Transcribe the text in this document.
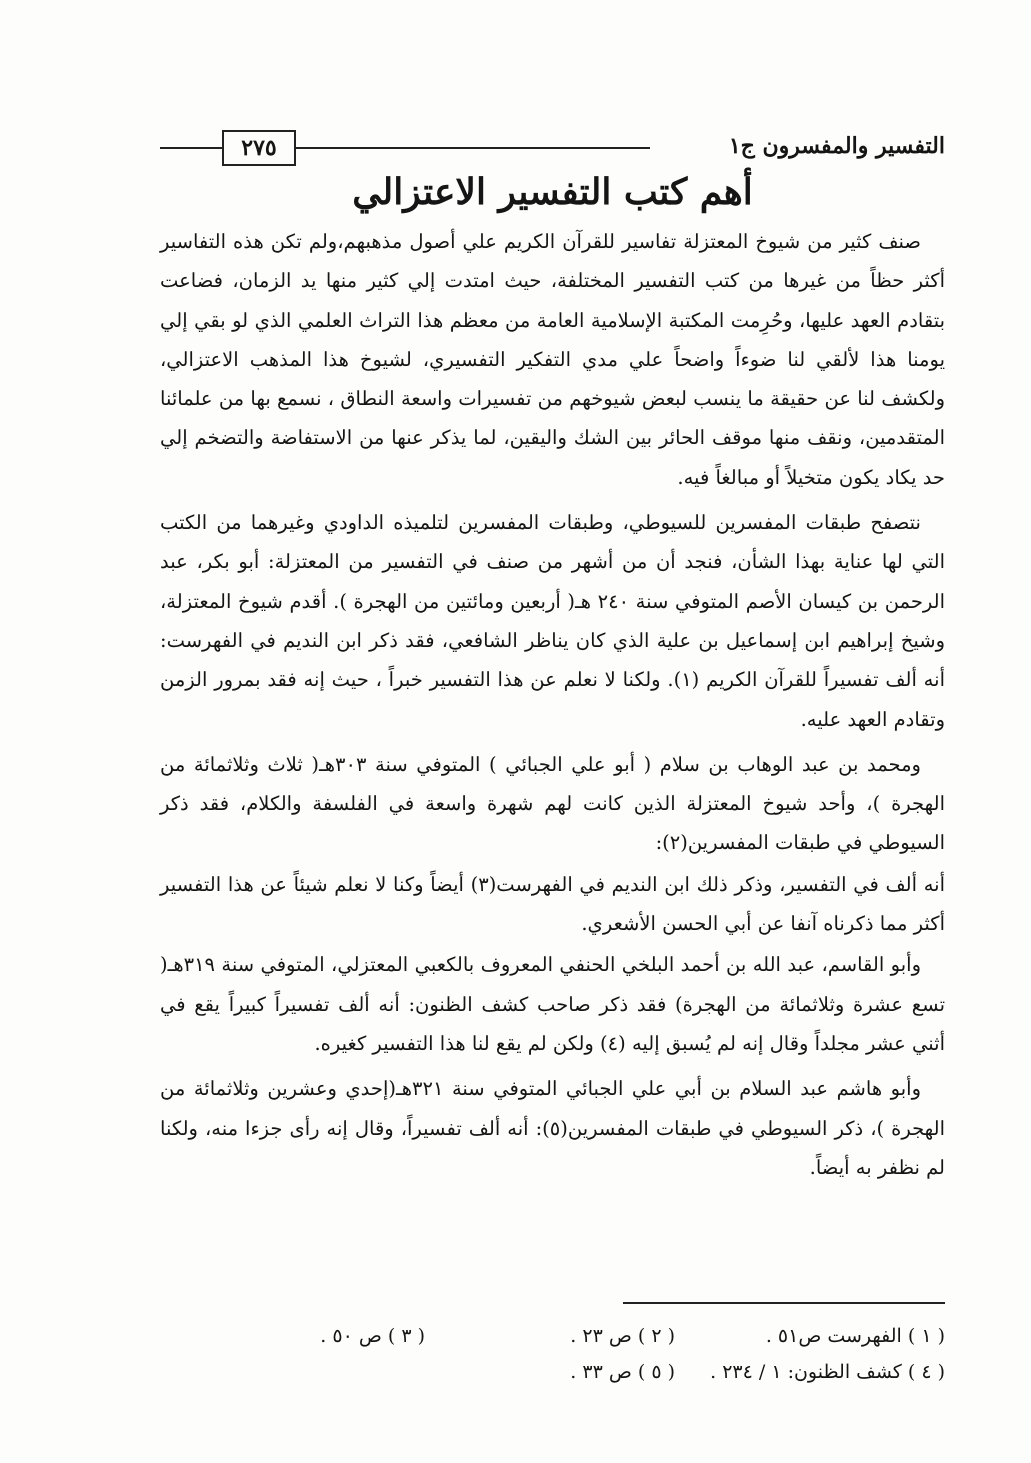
٢٧٥	التفسير والمفسرون ج١
أهم كتب التفسير الاعتزالي

صنف كثير من شيوخ المعتزلة تفاسير للقرآن الكريم علي أصول مذهبهم،ولم تكن هذه التفاسير أكثر حظاً من غيرها من كتب التفسير المختلفة، حيث امتدت إلي كثير منها يد الزمان، فضاعت بتقادم العهد عليها، وحُرِمت المكتبة الإسلامية العامة من معظم هذا التراث العلمي الذي لو بقي إلي يومنا هذا لألقي لنا ضوءاً واضحاً علي مدي التفكير التفسيري، لشيوخ هذا المذهب الاعتزالي، ولكشف لنا عن حقيقة ما ينسب لبعض شيوخهم من تفسيرات واسعة النطاق ، نسمع بها من علمائنا المتقدمين، ونقف منها موقف الحائر بين الشك واليقين، لما يذكر عنها من الاستفاضة والتضخم إلي حد يكاد يكون متخيلاً أو مبالغاً فيه.

نتصفح طبقات المفسرين للسيوطي، وطبقات المفسرين لتلميذه الداودي وغيرهما من الكتب التي لها عناية بهذا الشأن، فنجد أن من أشهر من صنف في التفسير من المعتزلة: أبو بكر، عبد الرحمن بن كيسان الأصم المتوفي سنة ٢٤٠ هـ( أربعين ومائتين من الهجرة ). أقدم شيوخ المعتزلة، وشيخ إبراهيم ابن إسماعيل بن علية الذي كان يناظر الشافعي، فقد ذكر ابن النديم في الفهرست: أنه ألف تفسيراً للقرآن الكريم (١). ولكنا لا نعلم عن هذا التفسير خبراً ، حيث إنه فقد بمرور الزمن وتقادم العهد عليه.

ومحمد بن عبد الوهاب بن سلام ( أبو علي الجبائي ) المتوفي سنة ٣٠٣هـ( ثلاث وثلاثمائة من الهجرة )، وأحد شيوخ المعتزلة الذين كانت لهم شهرة واسعة في الفلسفة والكلام، فقد ذكر السيوطي في طبقات المفسرين(٢):

أنه ألف في التفسير، وذكر ذلك ابن النديم في الفهرست(٣) أيضاً وكنا لا نعلم شيئاً عن هذا التفسير أكثر مما ذكرناه آنفا عن أبي الحسن الأشعري.

وأبو القاسم، عبد الله بن أحمد البلخي الحنفي المعروف بالكعبي المعتزلي، المتوفي سنة ٣١٩هـ( تسع عشرة وثلاثمائة من الهجرة) فقد ذكر صاحب كشف الظنون: أنه ألف تفسيراً كبيراً يقع في أثني عشر مجلداً وقال إنه لم يُسبق إليه (٤) ولكن لم يقع لنا هذا التفسير كغيره.

وأبو هاشم عبد السلام بن أبي علي الجبائي المتوفي سنة ٣٢١هـ(إحدي وعشرين وثلاثمائة من الهجرة )، ذكر السيوطي في طبقات المفسرين(٥): أنه ألف تفسيراً، وقال إنه رأى جزءا منه، ولكنا لم نظفر به أيضاً.

( ١ ) الفهرست ص٥١ .
( ٢ ) ص ٢٣ .
( ٣ ) ص ٥٠ .
( ٤ ) كشف الظنون: ١ / ٢٣٤ .
( ٥ ) ص ٣٣ .
